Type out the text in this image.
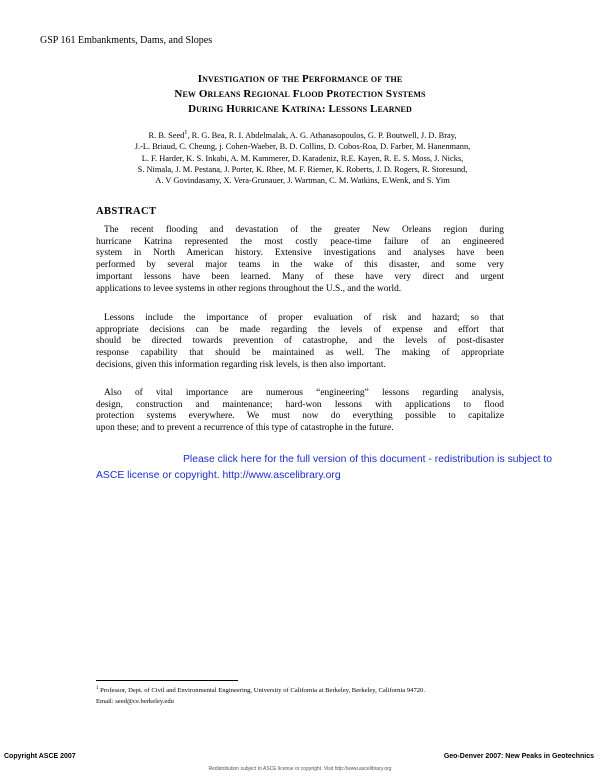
GSP 161 Embankments, Dams, and Slopes
Investigation of the Performance of the
New Orleans Regional Flood Protection Systems
During Hurricane Katrina: Lessons Learned
R. B. Seed$^1$, R. G. Bea, R. I. Abdelmalak, A. G. Athanasopoulos, G. P. Boutwell, J. D. Bray,
J.-L. Briaud, C. Cheung, j. Cohen-Waeber, B. D. Collins, D. Cobos-Roa, D. Farber, M. Hanenmann,
L. F. Harder, K. S. Inkabi, A. M. Kammerer, D. Karadeniz, R.E. Kayen, R. E. S. Moss, J. Nicks,
S. Nimala, J. M. Pestana, J. Porter, K. Rhee, M. F. Riemer, K. Roberts, J. D. Rogers, R. Storesund,
A. V Govindasamy, X. Vera-Grunauer, J. Wartman, C. M. Watkins, E.Wenk, and S. Yim
ABSTRACT
The recent flooding and devastation of the greater New Orleans region during
hurricane Katrina represented the most costly peace-time failure of an engineered
system in North American history. Extensive investigations and analyses have been
performed by several major teams in the wake of this disaster, and some very
important lessons have been learned. Many of these have very direct and urgent
applications to levee systems in other regions throughout the U.S., and the world.
Lessons include the importance of proper evaluation of risk and hazard; so that
appropriate decisions can be made regarding the levels of expense and effort that
should be directed towards prevention of catastrophe, and the levels of post-disaster
response capability that should be maintained as well. The making of appropriate
decisions, given this information regarding risk levels, is then also important.
Also of vital importance are numerous “engineering” lessons regarding analysis,
design, construction and maintenance; hard-won lessons with applications to flood
protection systems everywhere. We must now do everything possible to capitalize
upon these; and to prevent a recurrence of this type of catastrophe in the future.
Please click here for the full version of this document - redistribution is subject to
ASCE license or copyright. http://www.ascelibrary.org
$^1$ Professor, Dept. of Civil and Environmental Engineering, University of California at Berkeley, Berkeley, California 94720.
Email: seed@ce.berkeley.edu
Copyright ASCE 2007	Geo-Denver 2007: New Peaks in Geotechnics
Redistribution subject to ASCE license or copyright. Visit http://www.ascelibrary.org
